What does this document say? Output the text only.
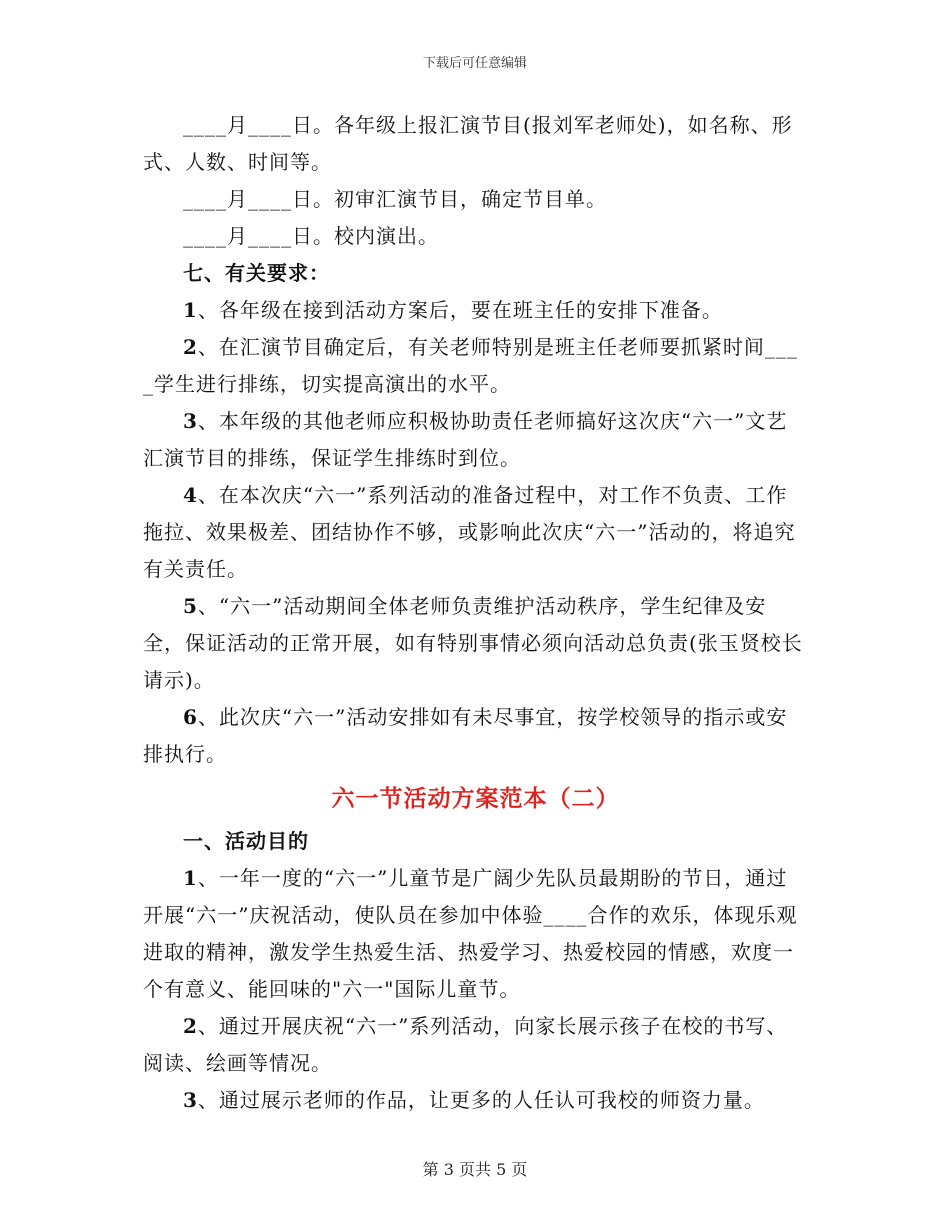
下载后可任意编辑

____月____日。各年级上报汇演节目(报刘军老师处)，如名称、形式、人数、时间等。

____月____日。初审汇演节目，确定节目单。

____月____日。校内演出。

七、有关要求：

1、各年级在接到活动方案后，要在班主任的安排下准备。

2、在汇演节目确定后，有关老师特别是班主任老师要抓紧时间____学生进行排练，切实提高演出的水平。

3、本年级的其他老师应积极协助责任老师搞好这次庆“六一”文艺汇演节目的排练，保证学生排练时到位。

4、在本次庆“六一”系列活动的准备过程中，对工作不负责、工作拖拉、效果极差、团结协作不够，或影响此次庆“六一”活动的，将追究有关责任。

5、“六一”活动期间全体老师负责维护活动秩序，学生纪律及安全，保证活动的正常开展，如有特别事情必须向活动总负责(张玉贤校长请示)。

6、此次庆“六一”活动安排如有未尽事宜，按学校领导的指示或安排执行。

六一节活动方案范本（二）

一、活动目的

1、一年一度的“六一”儿童节是广阔少先队员最期盼的节日，通过开展“六一”庆祝活动，使队员在参加中体验____合作的欢乐，体现乐观进取的精神，激发学生热爱生活、热爱学习、热爱校园的情感，欢度一个有意义、能回味的"六一"国际儿童节。

2、通过开展庆祝“六一”系列活动，向家长展示孩子在校的书写、阅读、绘画等情况。

3、通过展示老师的作品，让更多的人任认可我校的师资力量。

第 3 页共 5 页
